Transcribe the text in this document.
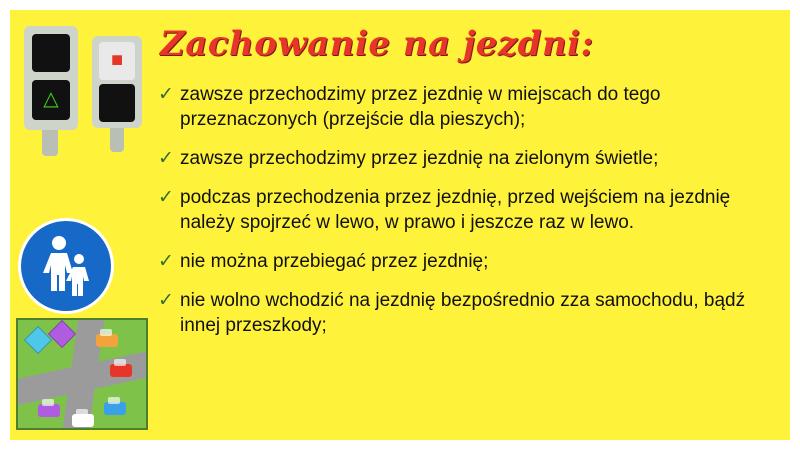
△
■	Zachowanie na jezdni:
✓ zawsze przechodzimy przez jezdnię w miejscach do tego przeznaczonych (przejście dla pieszych);
✓ zawsze przechodzimy przez jezdnię na zielonym świetle;
✓ podczas przechodzenia przez jezdnię, przed wejściem na jezdnię należy spojrzeć w lewo, w prawo i jeszcze raz w lewo.
✓ nie można przebiegać przez jezdnię;
✓ nie wolno wchodzić na jezdnię bezpośrednio zza samochodu, bądź innej przeszkody;
